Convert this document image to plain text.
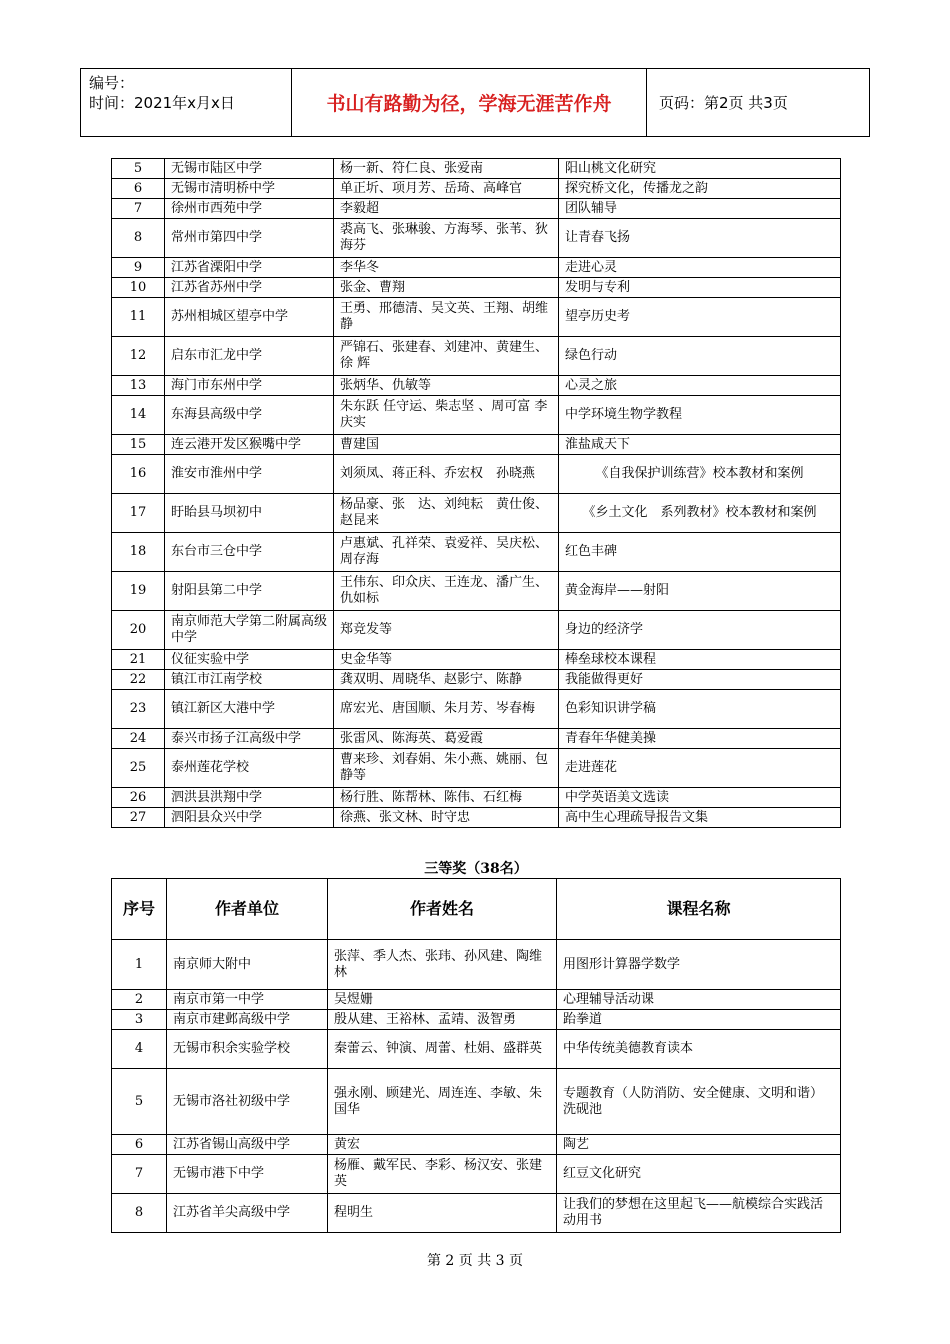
编号：
时间：2021年x月x日	书山有路勤为径，学海无涯苦作舟	页码：第2页 共3页
5	无锡市陆区中学	杨一新、符仁良、张爱南	阳山桃文化研究
6	无锡市清明桥中学	单正圻、项月芳、岳琦、高峰官	探究桥文化，传播龙之韵
7	徐州市西苑中学	李毅超	团队辅导
8	常州市第四中学	裘高飞、张琳骏、方海琴、张苇、狄海芬	让青春飞扬
9	江苏省溧阳中学	李华冬	走进心灵
10	江苏省苏州中学	张金、曹翔	发明与专利
11	苏州相城区望亭中学	王勇、邢德清、吴文英、王翔、胡维静	望亭历史考
12	启东市汇龙中学	严锦石、张建春、刘建冲、黄建生、徐 辉	绿色行动
13	海门市东州中学	张炳华、仇敏等	心灵之旅
14	东海县高级中学	朱东跃 任守运、柴志坚 、周可富 李庆实	中学环境生物学教程
15	连云港开发区猴嘴中学	曹建国	淮盐咸天下
16	淮安市淮州中学	刘须凤、蒋正科、乔宏权　孙晓燕	《自我保护训练营》校本教材和案例
17	盱眙县马坝初中	杨品豪、张　达、刘纯耘　黄仕俊、赵昆来	《乡土文化　系列教材》校本教材和案例
18	东台市三仓中学	卢惠斌、孔祥荣、袁爱祥、吴庆松、周存海	红色丰碑
19	射阳县第二中学	王伟东、印众庆、王连龙、潘广生、仇如标	黄金海岸——射阳
20	南京师范大学第二附属高级中学	郑竞发等	身边的经济学
21	仪征实验中学	史金华等	棒垒球校本课程
22	镇江市江南学校	龚双明、周晓华、赵影宁、陈静	我能做得更好
23	镇江新区大港中学	席宏光、唐国顺、朱月芳、岑春梅	色彩知识讲学稿
24	泰兴市扬子江高级中学	张雷风、陈海英、葛爱霞	青春年华健美操
25	泰州莲花学校	曹来珍、刘春娟、朱小燕、姚丽、包静等	走进莲花
26	泗洪县洪翔中学	杨行胜、陈帮林、陈伟、石红梅	中学英语美文选读
27	泗阳县众兴中学	徐燕、张文林、时守忠	高中生心理疏导报告文集
三等奖（38名）
序号	作者单位	作者姓名	课程名称
1	南京师大附中	张萍、季人杰、张玮、孙风建、陶维林	用图形计算器学数学
2	南京市第一中学	吴煜姗	心理辅导活动课
3	南京市建邺高级中学	殷从建、王裕林、孟靖、汲智勇	跆拳道
4	无锡市积余实验学校	秦蕾云、钟演、周蕾、杜娟、盛群英	中华传统美德教育读本
5	无锡市洛社初级中学	强永刚、顾建光、周连连、李敏、朱国华	专题教育（人防消防、安全健康、文明和谐）
洗砚池
6	江苏省锡山高级中学	黄宏	陶艺
7	无锡市港下中学	杨雁、戴军民、李彩、杨汉安、张建英	红豆文化研究
8	江苏省羊尖高级中学	程明生	让我们的梦想在这里起飞——航模综合实践活动用书
第 2 页 共 3 页
